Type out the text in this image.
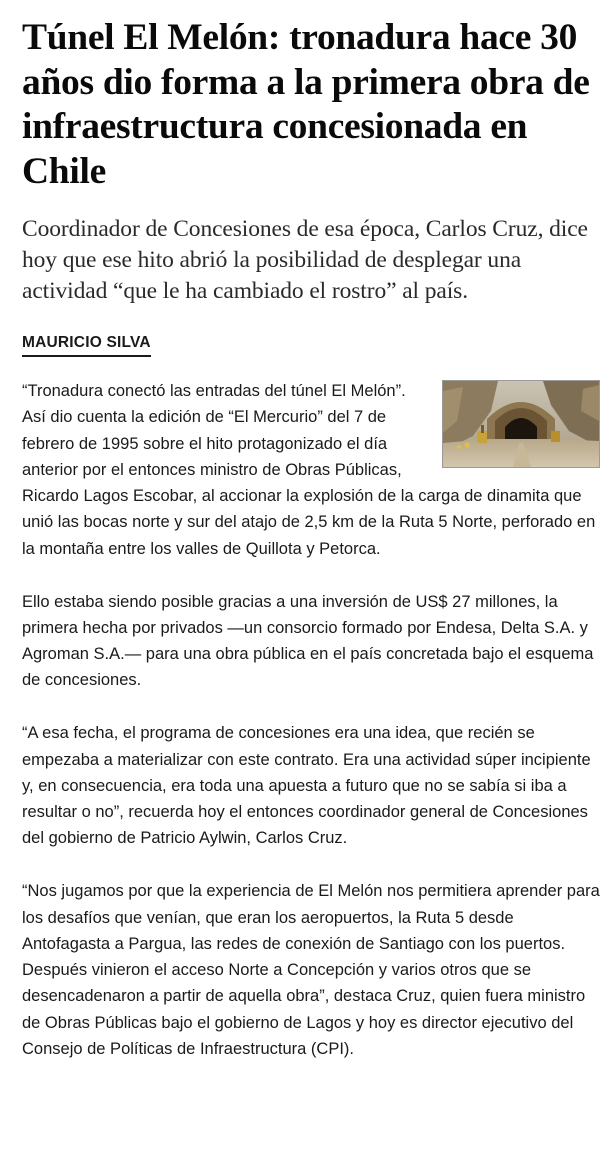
Túnel El Melón: tronadura hace 30 años dio forma a la primera obra de infraestructura concesionada en Chile

Coordinador de Concesiones de esa época, Carlos Cruz, dice hoy que ese hito abrió la posibilidad de desplegar una actividad “que le ha cambiado el rostro” al país.

MAURICIO SILVA

“Tronadura conectó las entradas del túnel El Melón”. Así dio cuenta la edición de “El Mercurio” del 7 de febrero de 1995 sobre el hito protagonizado el día anterior por el entonces ministro de Obras Públicas, Ricardo Lagos Escobar, al accionar la explosión de la carga de dinamita que unió las bocas norte y sur del atajo de 2,5 km de la Ruta 5 Norte, perforado en la montaña entre los valles de Quillota y Petorca.

Ello estaba siendo posible gracias a una inversión de US$ 27 millones, la primera hecha por privados —un consorcio formado por Endesa, Delta S.A. y Agroman S.A.— para una obra pública en el país concretada bajo el esquema de concesiones.

“A esa fecha, el programa de concesiones era una idea, que recién se empezaba a materializar con este contrato. Era una actividad súper incipiente y, en consecuencia, era toda una apuesta a futuro que no se sabía si iba a resultar o no”, recuerda hoy el entonces coordinador general de Concesiones del gobierno de Patricio Aylwin, Carlos Cruz.

“Nos jugamos por que la experiencia de El Melón nos permitiera aprender para los desafíos que venían, que eran los aeropuertos, la Ruta 5 desde Antofagasta a Pargua, las redes de conexión de Santiago con los puertos. Después vinieron el acceso Norte a Concepción y varios otros que se desencadenaron a partir de aquella obra”, destaca Cruz, quien fuera ministro de Obras Públicas bajo el gobierno de Lagos y hoy es director ejecutivo del Consejo de Políticas de Infraestructura (CPI).
